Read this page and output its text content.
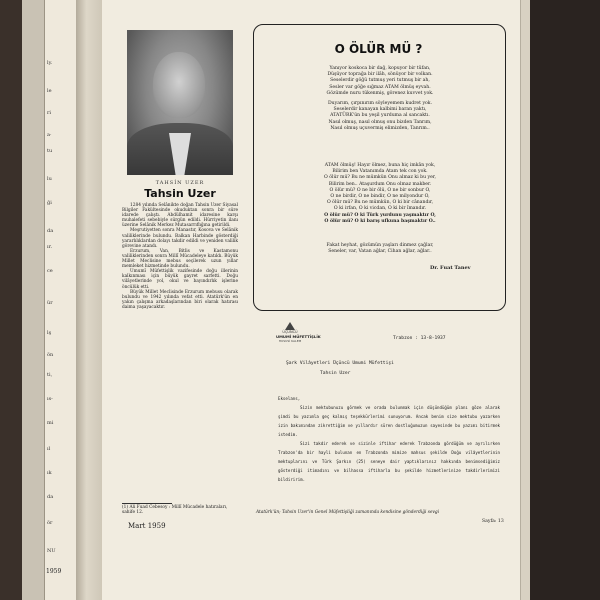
ly.
le
ri
a·
tu
lu
ği
da
ır.
ce
ür
lş
ön
ti,
ıs-
mi
ıl
ık
da
ör
NU
1959
TAHSİN UZER
Tahsin Uzer

1284 yılında Selânikte doğan Tahsin Uzer Siyasal Bilgiler Fakültesinde okuduktan sonra bir süre idarede çalıştı. Abdülhamit idaresine karşı muhalefeti sebebiyle sürgün edildi. Hürriyetin ilanı üzerine Selânik Merkez Mutasarrıflığına getirildi.

Meşrutiyetten sonra Manastır, Kosova ve Selânik valiliklerinde bulundu. Balkan Harbinde gösterdiği yararlılıklardan dolayı takdir edildi ve yeniden valilik görevine atandı.

Erzurum, Van, Bitlis ve Kastamonu valiliklerinden sonra Millî Mücadeleye katıldı. Büyük Millet Meclisine mebus seçilerek uzun yıllar memleket hizmetinde bulundu.

Umumî Müfettişlik vazifesinde doğu illerinin kalkınması için büyük gayret sarfetti. Doğu vilâyetlerinde yol, okul ve bayındırlık işlerine öncülük etti.

Büyük Millet Meclisinde Erzurum mebusu olarak bulundu ve 1942 yılında vefat etti. Atatürk'ün en yakın çalışma arkadaşlarından biri olarak hatırası daima yaşayacaktır.

(1) Ali Fuad Cebesoy : Millî Mücadele hatıraları, sahife 12.
Mart 1959
O ÖLÜR MÜ ?
Yanıyor koskoca bir dağ, kopuyor bir tûfan,
Düşüyor toprağa bir ilâh, sönüyor bir volkan.
Seselerdir göğü tutmuş yeri tutmuş bir ah,
Sesler var göğe sığmaz ATAM ölmüş eyvah.
Gözümde nuru tükenmiş, görenez kuvvet yok.
Duyarım, çırpınırım söyleyemem kudret yok.
Seselerdir kanayan kalbimi baran yaktı,
ATATÜRK'ün bu yeşil yurduma al sancaktı.
Nasıl olmuş, nasıl olmuş onu bizden Tanrım,
Nasıl olmuş uçuvermiş elimizden, Tanrım..
ATAM ölmüş! Hayır ölmez, buna hiç imkân yok,
Bilirim ben Vatanımda Atam tek con yok.
O ölür mü? Bu ne mümkün Onu almaz ki bu yer,
Bilirim ben.. Ataşurdum Onu olmaz makber.
O ölür mü? O ne bir ölü, O ne bir sonbur O,
O ne birdir, O ne bindir, O ne milyondur O,
O ölür mü? Bu ne mümkün, O ki bir cânandır,
O ki irfan, O ki vicdan, O ki bir îmandır.
O ölür mü? O ki Türk yurdunu yaşmaktır O,
O ölür mü? O ki barış ufkuna başmaktır O..
Fakat heyhat, gözümün yaşları dinmez çağlar,
Seneler, var, Vatan ağlar, Cihan ağlar, ağlar..
Dr. Fuat Tanev
ÜÇÜNCÜ
UMUMÎ MÜFETTİŞLİK
HUSUSİ KALEM	Trabzon : 13-8-1937
Şark Vilâyetleri Üçüncü Umumi Müfettişi
Tahsin Uzer

Ekselans,

Sizin mektubunuzu görmek ve orada bulunmak için düşündüğüm planı göze alarak şimdi bu yazımla geç kalmış teşekkürlerimi sunuyorum. Ancak benim size mektubu yazarken izin bakımından zikrettiğim ve yıllardır süren dostluğumuzun sayesinde bu yazımı bitirmek istedim.

Sizi takdir ederek ve sizinle iftihar ederek Trabzonda gördüğüm ve ayrılırken Trabzon'da bir hayli bulunan en Trabzonda mimize mahsus şekilde Doğu vilâyetlerinin mektuplarını ve Türk Şarkın (25) seneye dair yaptıklarınız hakkında benimsediğimiz gösterdiği itimadını ve bilhassa iftiharla bu şekilde hizmetlerinize takdirlerimizi bildiririm.

Atatürk'ün; Tahsin Uzer'in Genel Müfettişliği zamanında kendisine gönderdiği sevgi
Sayfa: 13
